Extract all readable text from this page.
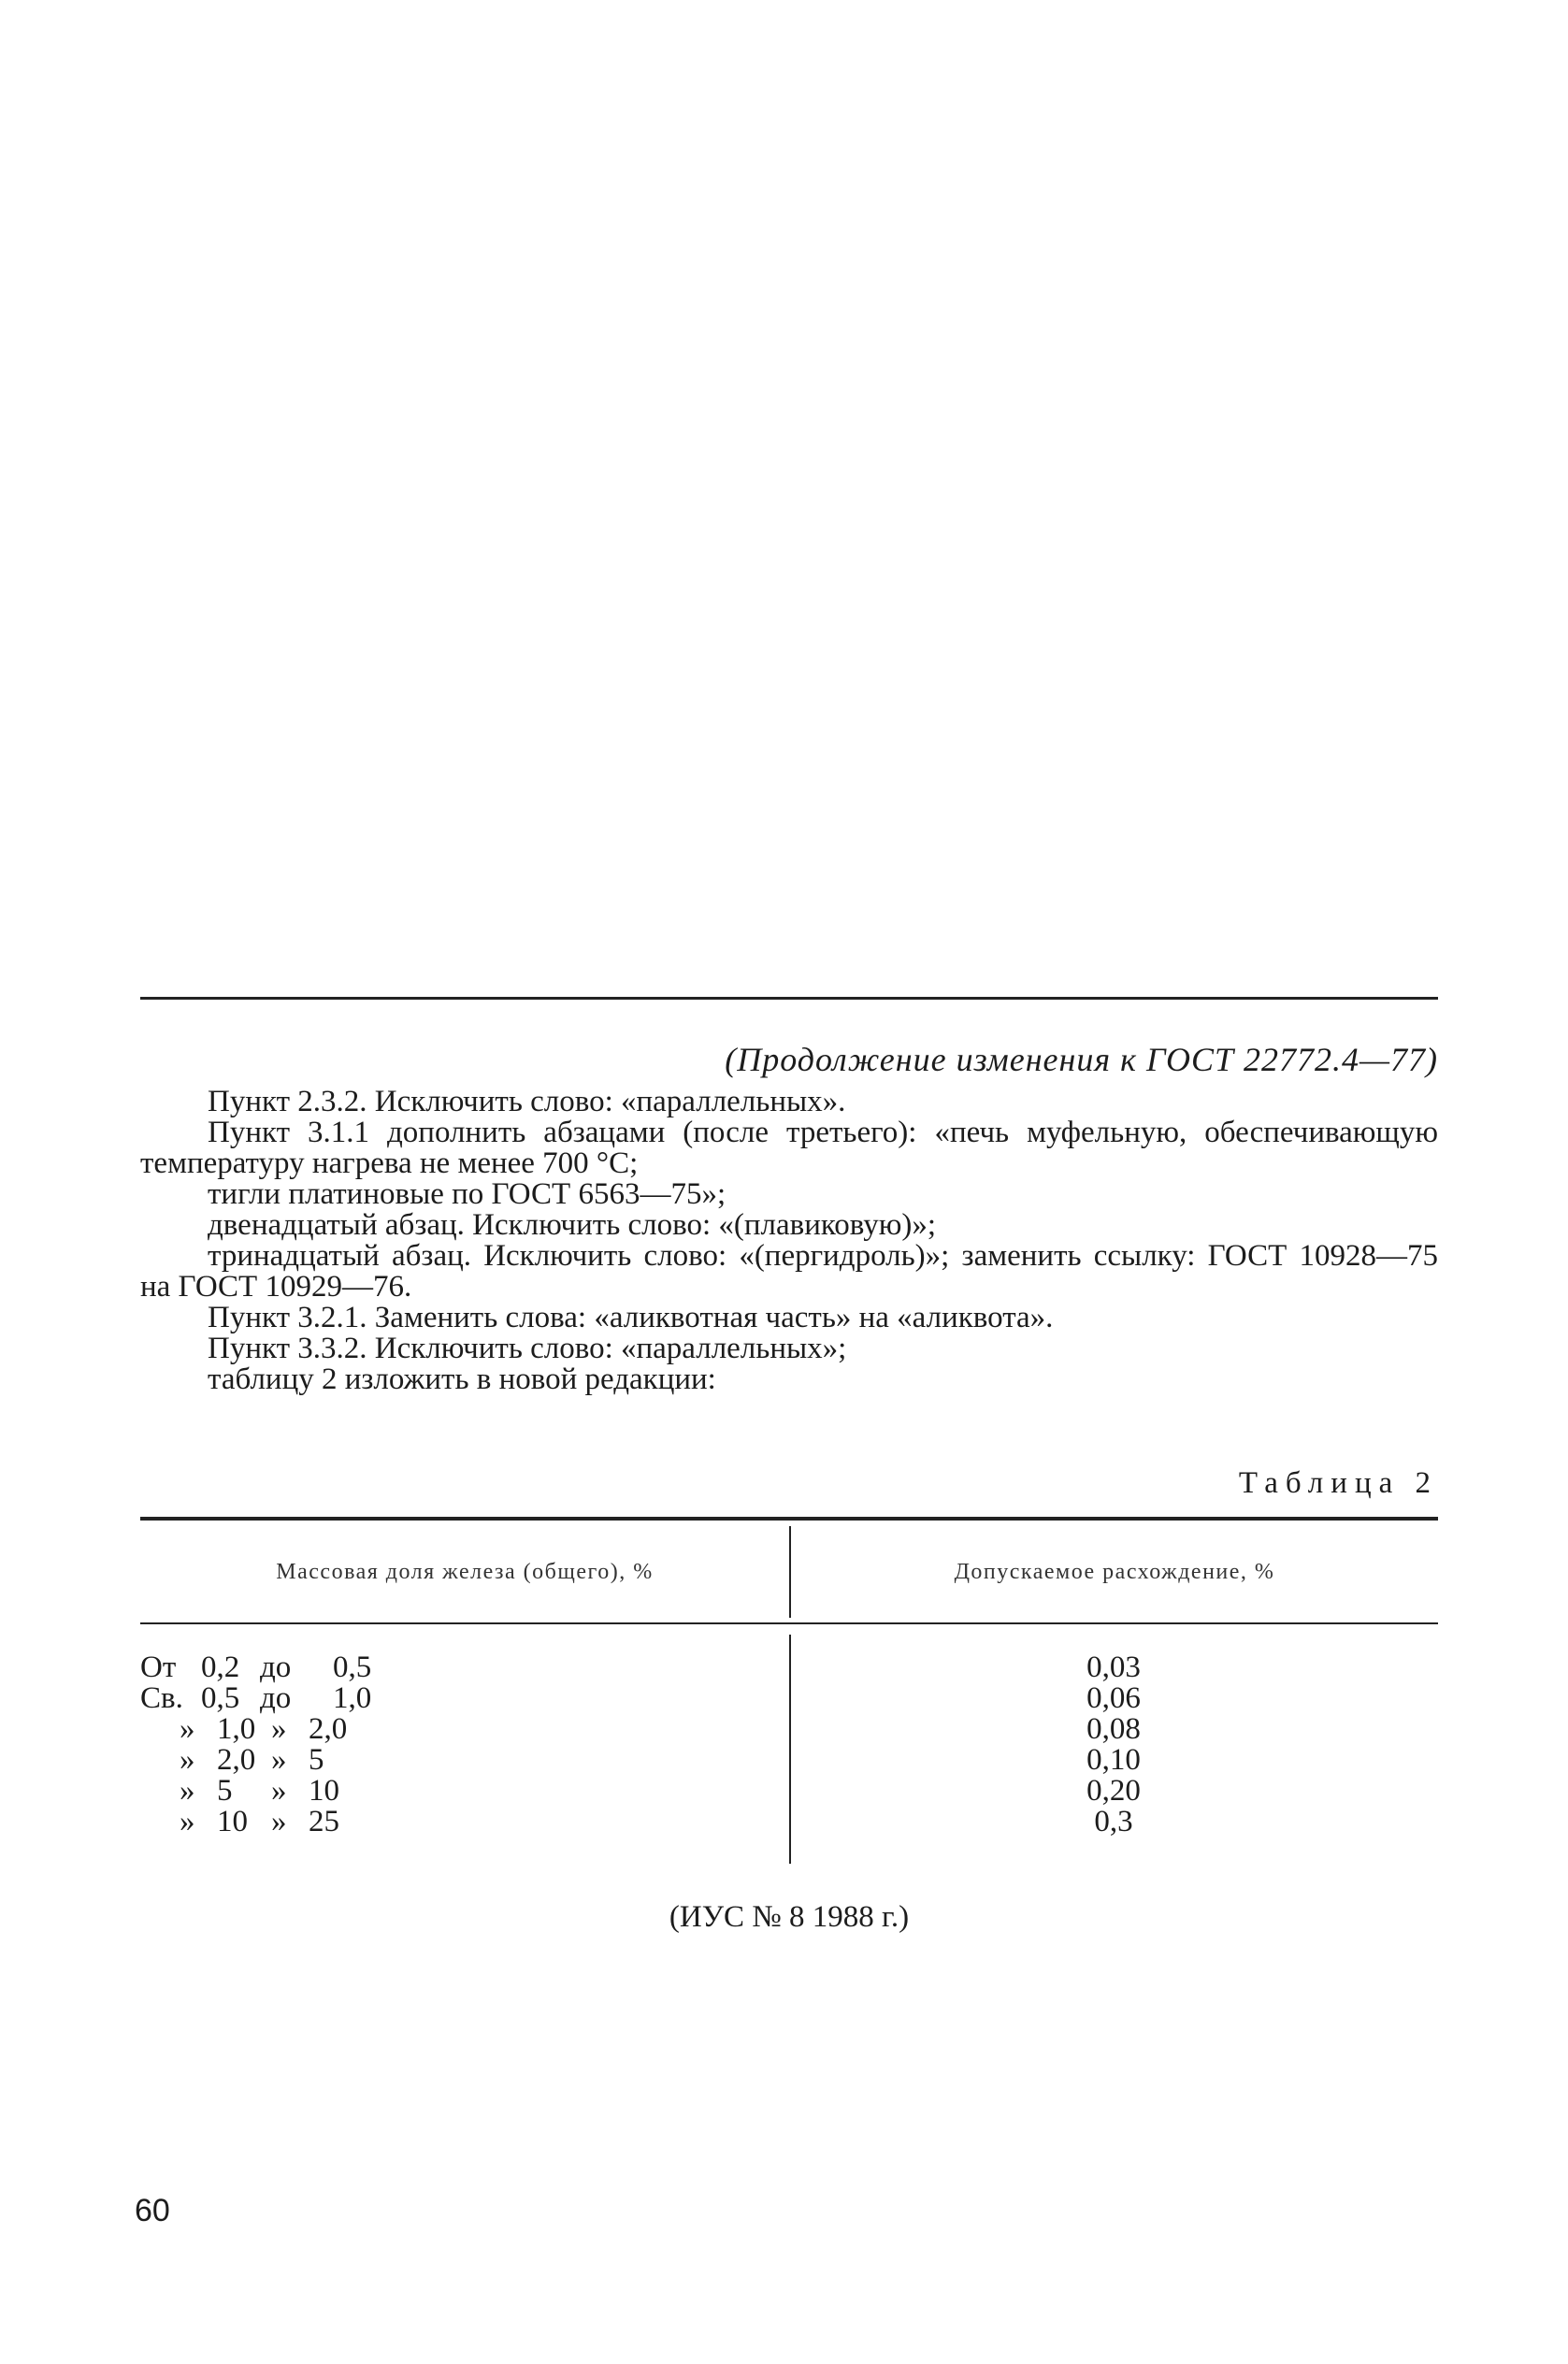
(Продолжение изменения к ГОСТ 22772.4—77)

Пункт 2.3.2. Исключить слово: «параллельных».

Пункт 3.1.1 дополнить абзацами (после третьего): «печь муфельную, обеспечивающую температуру нагрева не менее 700 °С;

тигли платиновые по ГОСТ 6563—75»;

двенадцатый абзац. Исключить слово: «(плавиковую)»;

тринадцатый абзац. Исключить слово: «(пергидроль)»; заменить ссылку: ГОСТ 10928—75 на ГОСТ 10929—76.

Пункт 3.2.1. Заменить слова: «аликвотная часть» на «аликвота».

Пункт 3.3.2. Исключить слово: «параллельных»;

таблицу 2 изложить в новой редакции:

Таблица 2
Массовая доля железа (общего), %	Допускаемое расхождение, %
От 0,2 до 0,5	0,03
Св. 0,5 до 1,0	0,06
» 1,0 » 2,0	0,08
» 2,0 » 5	0,10
» 5 » 10	0,20
» 10 » 25	0,3
(ИУС № 8 1988 г.)
60
